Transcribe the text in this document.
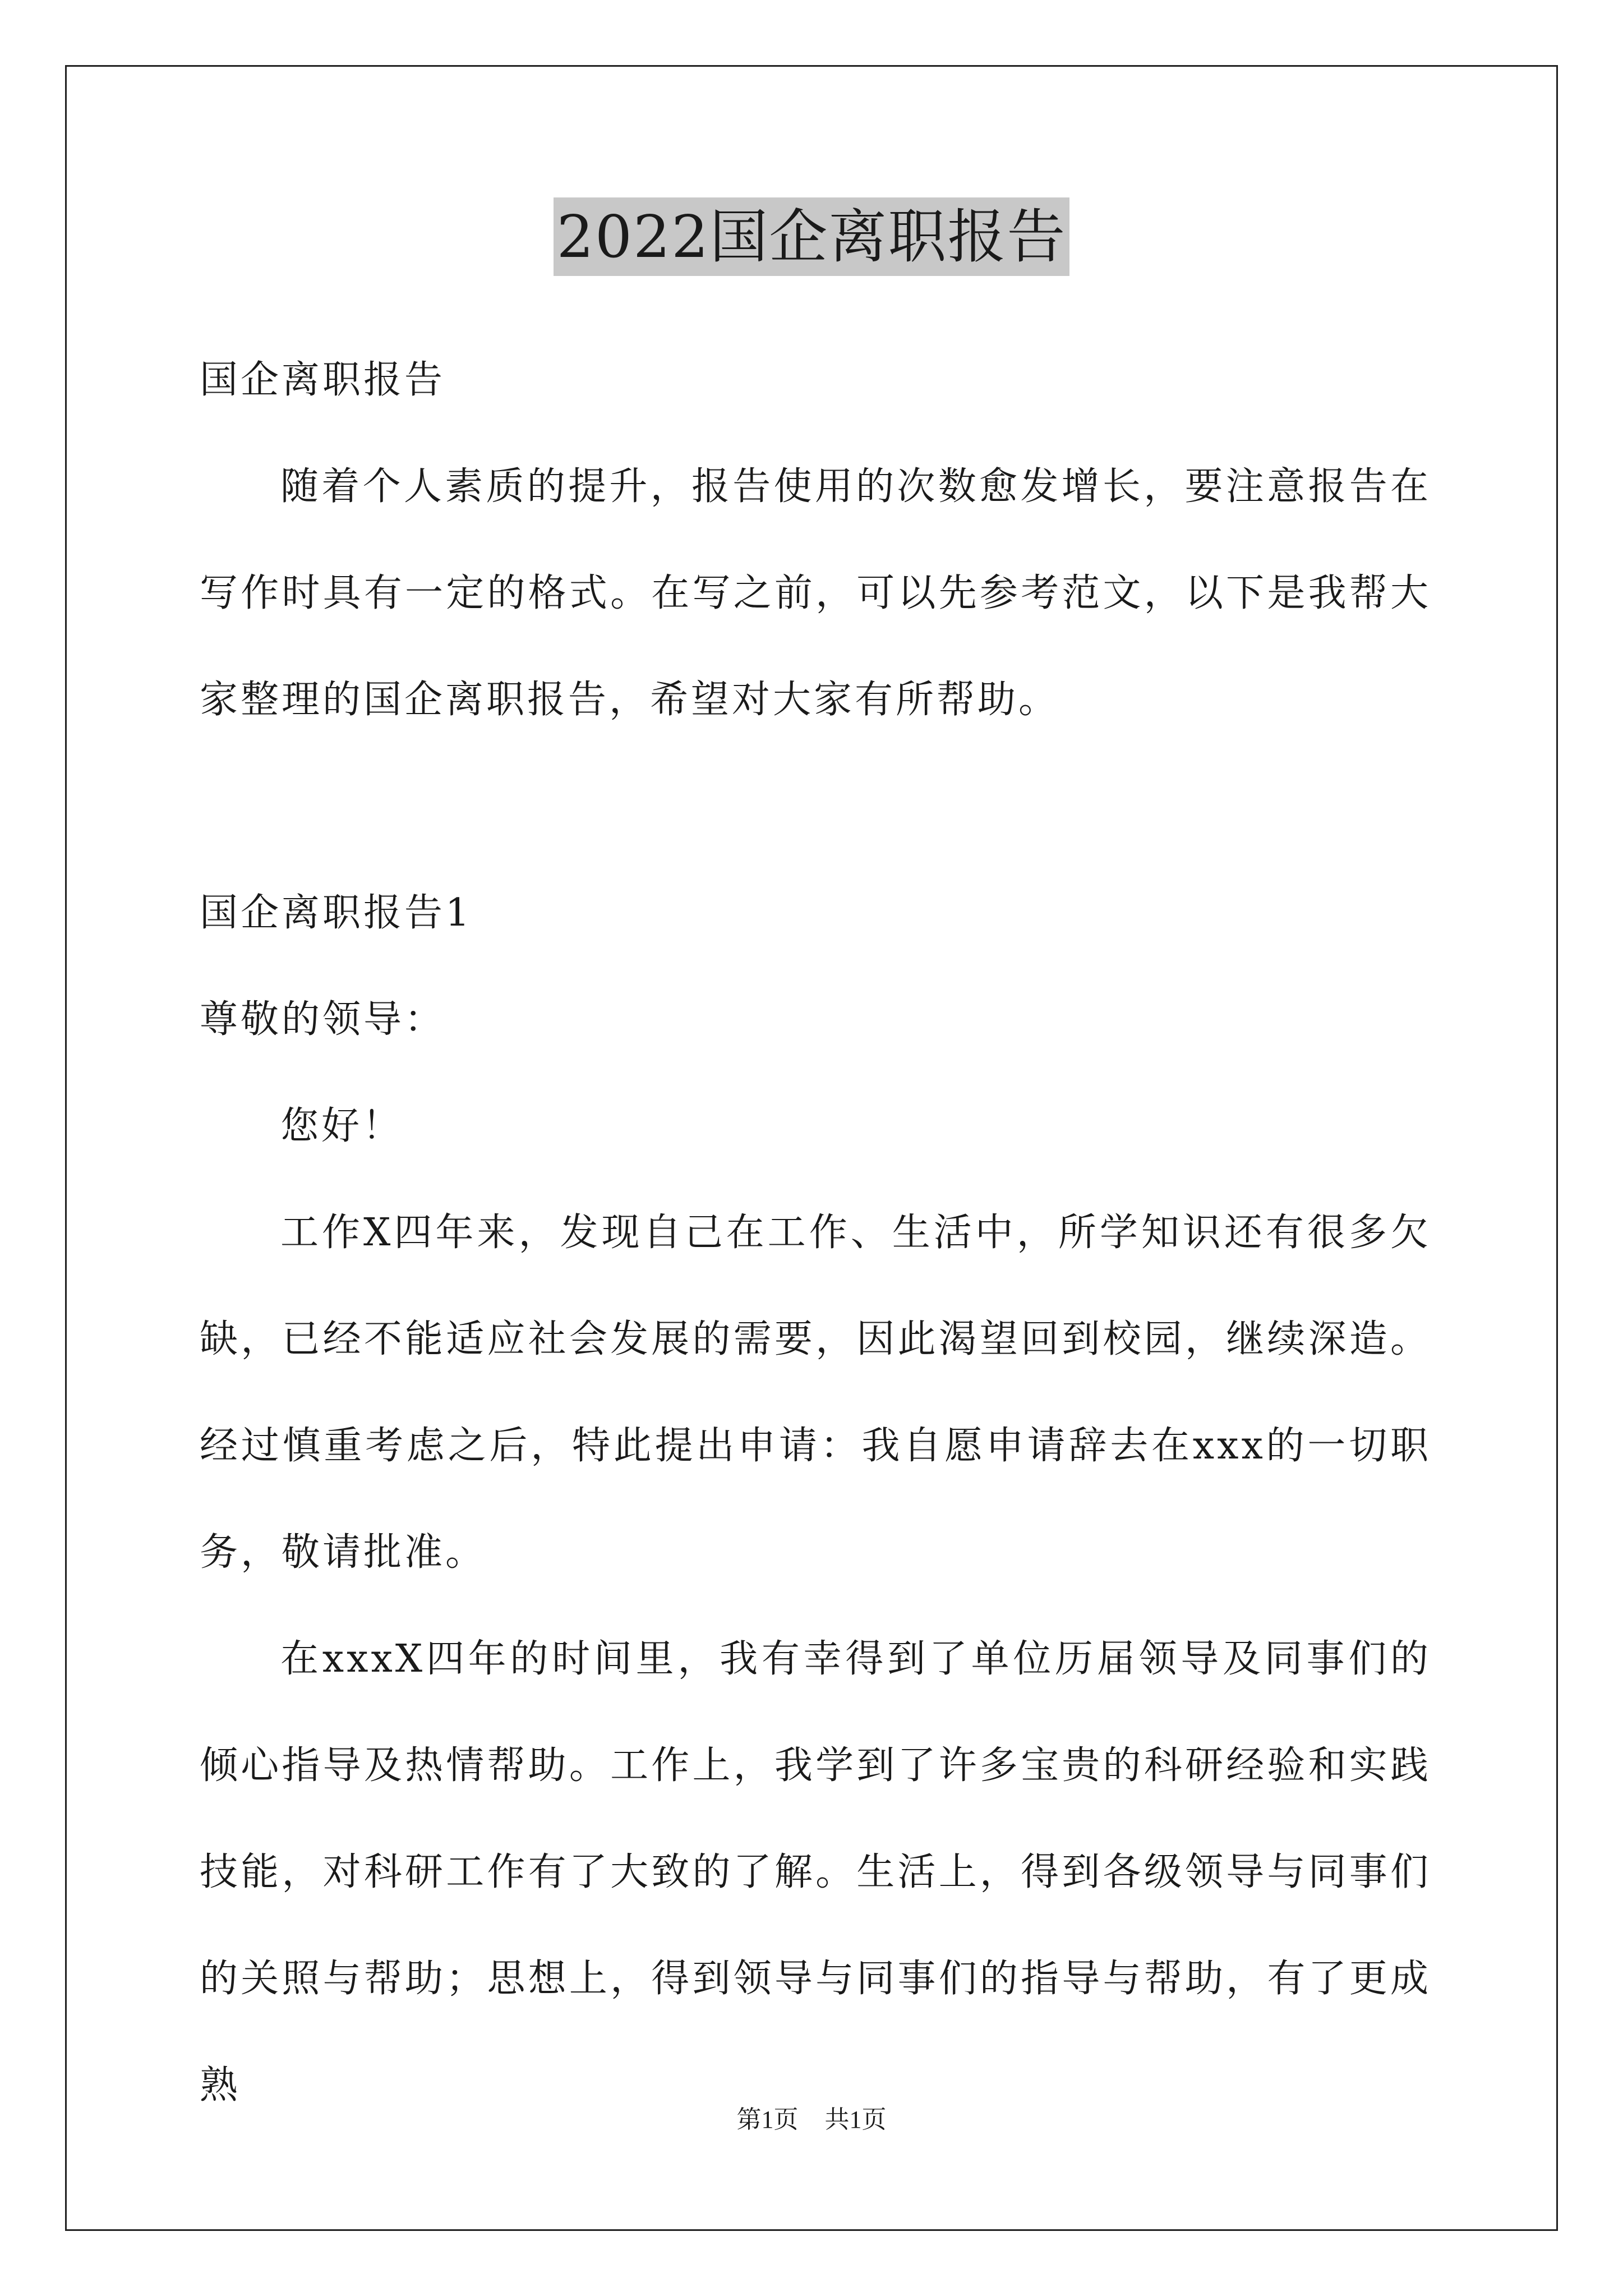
2022国企离职报告
国企离职报告
随着个人素质的提升，报告使用的次数愈发增长，要注意报告在写作时具有一定的格式。在写之前，可以先参考范文，以下是我帮大家整理的国企离职报告，希望对大家有所帮助。
国企离职报告1
尊敬的领导：
您好！
工作X四年来，发现自己在工作、生活中，所学知识还有很多欠缺，已经不能适应社会发展的需要，因此渴望回到校园，继续深造。经过慎重考虑之后，特此提出申请：我自愿申请辞去在xxx的一切职务，敬请批准。
在xxxX四年的时间里，我有幸得到了单位历届领导及同事们的倾心指导及热情帮助。工作上，我学到了许多宝贵的科研经验和实践技能，对科研工作有了大致的了解。生活上，得到各级领导与同事们的关照与帮助；思想上，得到领导与同事们的指导与帮助，有了更成熟
第1页 共1页
